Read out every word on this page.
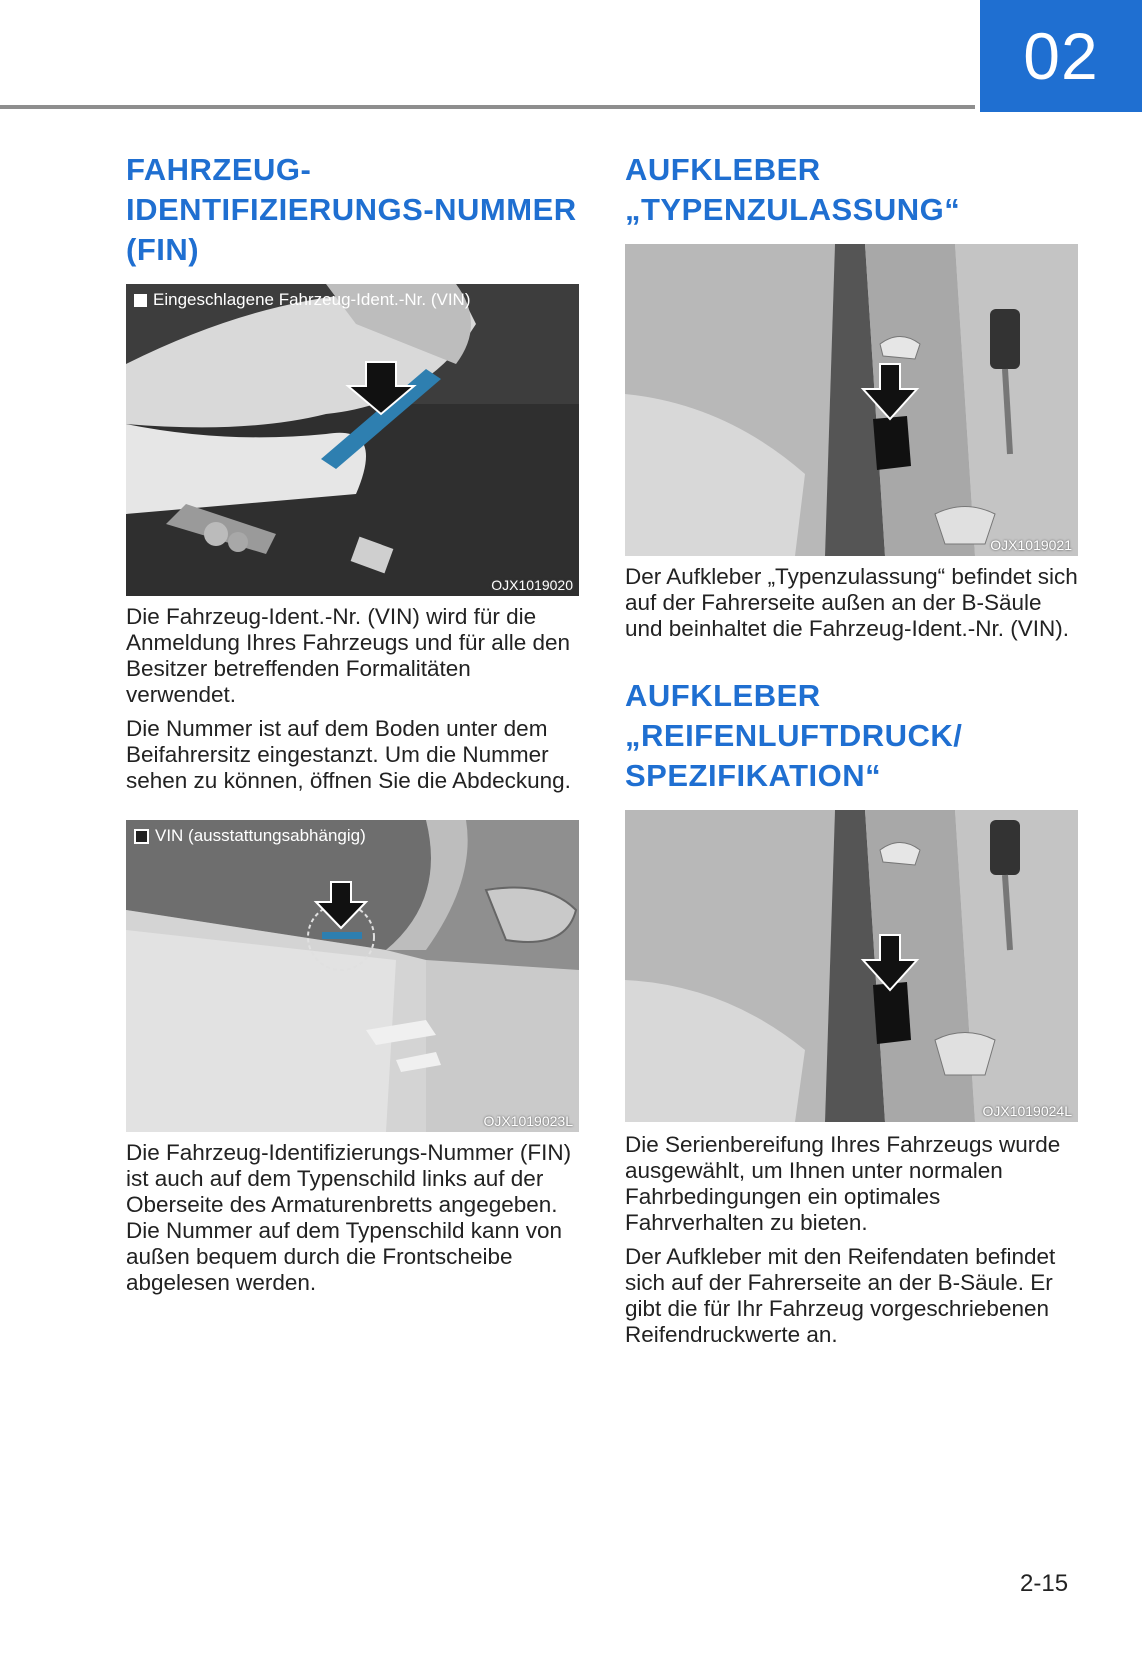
02
FAHRZEUG-
IDENTIFIZIERUNGS-NUMMER
(FIN)
Eingeschlagene Fahrzeug-Ident.-Nr. (VIN)
OJX1019020

Die Fahrzeug-Ident.-Nr. (VIN) wird für die Anmeldung Ihres Fahrzeugs und für alle den Besitzer betreffenden Formalitäten verwendet.

Die Nummer ist auf dem Boden unter dem Beifahrersitz eingestanzt. Um die Nummer sehen zu können, öffnen Sie die Abdeckung.

VIN (ausstattungsabhängig)
OJX1019023L

Die Fahrzeug-Identifizierungs-Nummer (FIN) ist auch auf dem Typenschild links auf der Oberseite des Armaturenbretts angegeben. Die Nummer auf dem Typenschild kann von außen bequem durch die Frontscheibe abgelesen werden.

AUFKLEBER
„TYPENZULASSUNG“
OJX1019021

Der Aufkleber „Typenzulassung“ befindet sich auf der Fahrerseite außen an der B-Säule und beinhaltet die Fahrzeug-Ident.-Nr. (VIN).

AUFKLEBER
„REIFENLUFTDRUCK/
SPEZIFIKATION“
OJX1019024L

Die Serienbereifung Ihres Fahrzeugs wurde ausgewählt, um Ihnen unter normalen Fahrbedingungen ein optimales Fahrverhalten zu bieten.

Der Aufkleber mit den Reifendaten befindet sich auf der Fahrerseite an der B-Säule. Er gibt die für Ihr Fahrzeug vorgeschriebenen Reifendruckwerte an.

2-15
